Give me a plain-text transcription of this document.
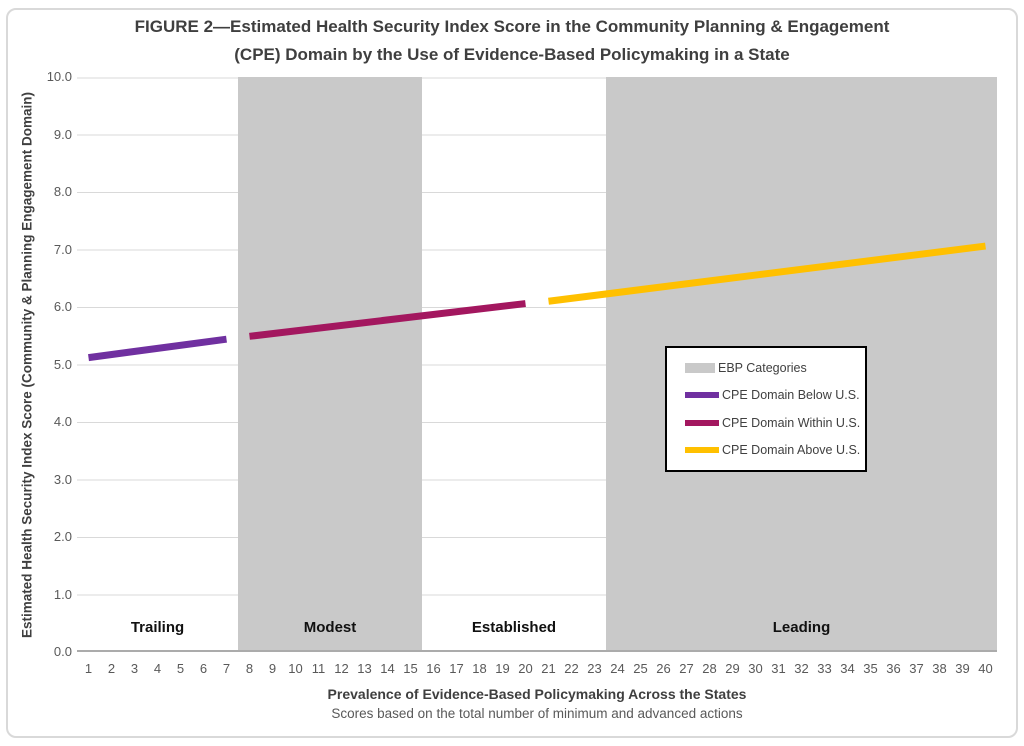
FIGURE 2—Estimated Health Security Index Score in the Community Planning & Engagement
(CPE) Domain by the Use of Evidence-Based Policymaking in a State
Estimated Health Security Index Score (Community & Planning Engagement Domain)
0.0
1.0
2.0
3.0
4.0
5.0
6.0
7.0
8.0
9.0
10.0
1 2 3 4 5 6 7 8 9 10 11 12 13 14 15 16 17 18 19 20 21 22 23 24 25 26 27 28 29 30 31 32 33 34 35 36 37 38 39 40
Trailing	Modest	Established	Leading
EBP Categories
CPE Domain Below U.S.
CPE Domain Within U.S.
CPE Domain Above U.S.
Prevalence of Evidence-Based Policymaking Across the States
Scores based on the total number of minimum and advanced actions
